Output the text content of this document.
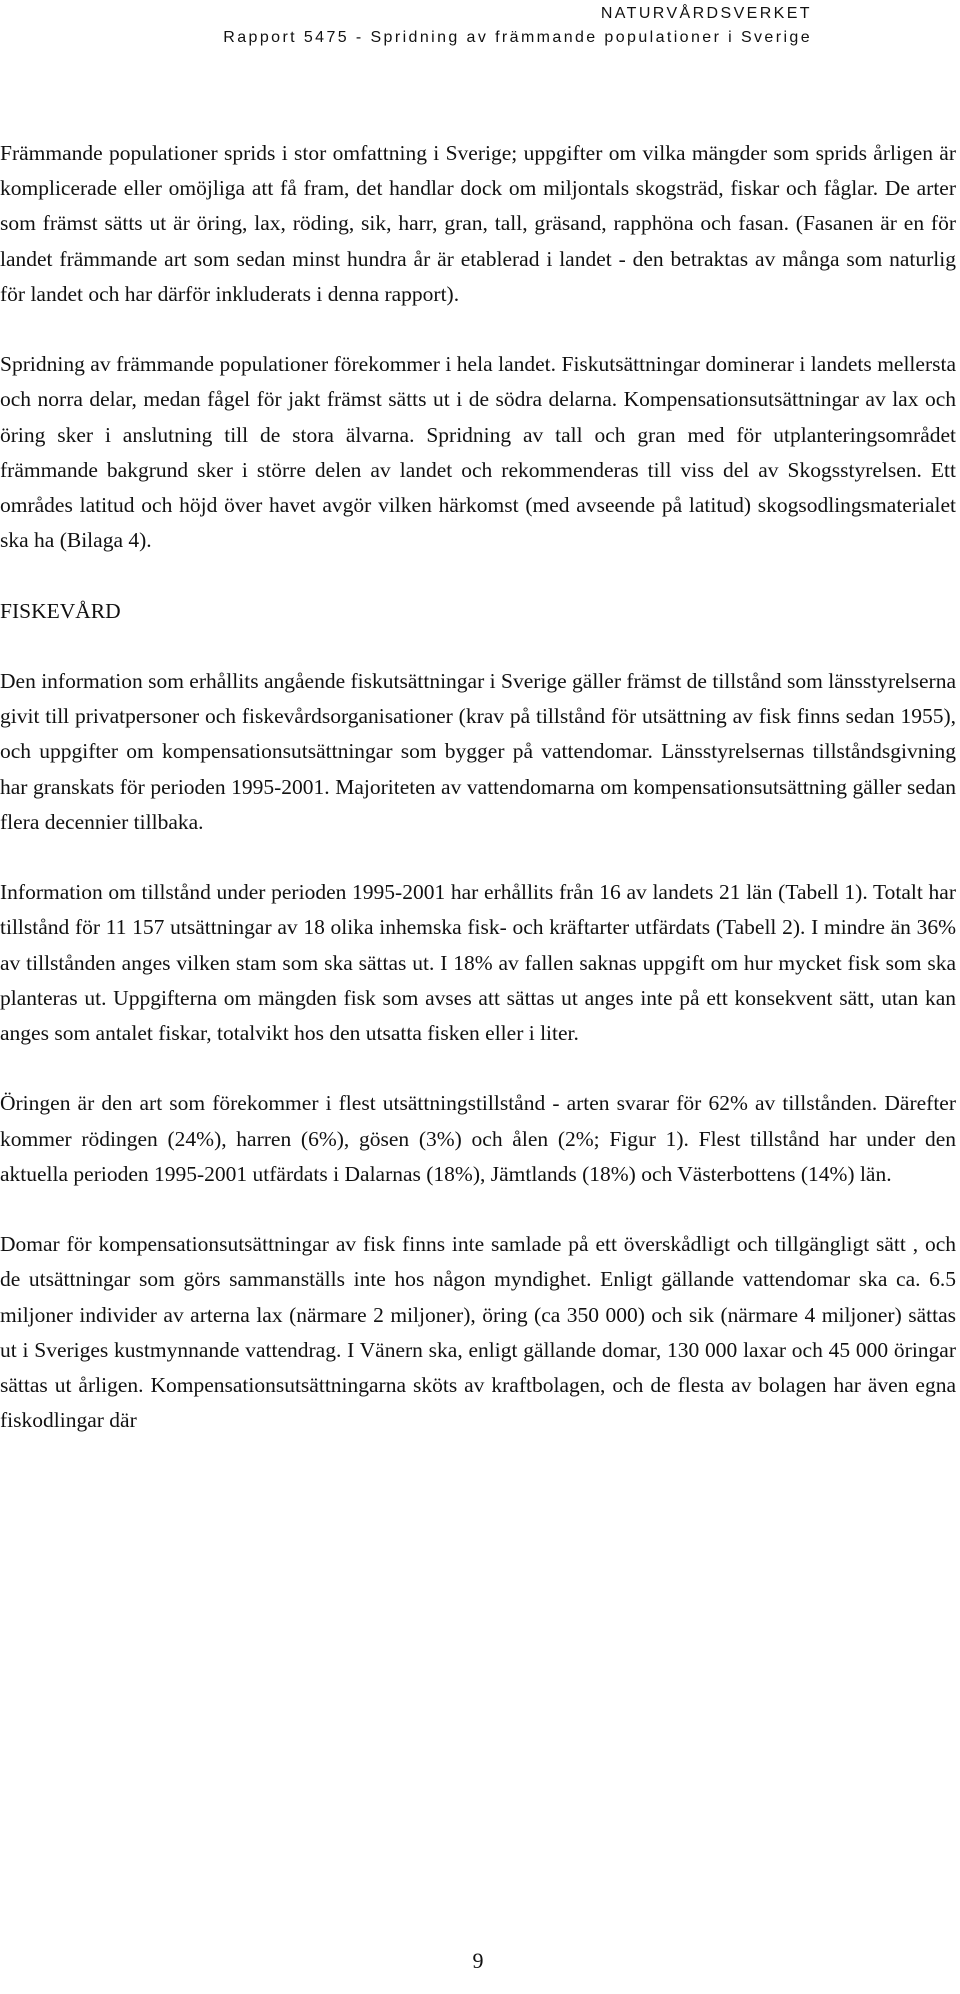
NATURVÅRDSVERKET
Rapport 5475 - Spridning av främmande populationer i Sverige

Främmande populationer sprids i stor omfattning i Sverige; uppgifter om vilka mängder som sprids årligen är komplicerade eller omöjliga att få fram, det handlar dock om miljontals skogsträd, fiskar och fåglar. De arter som främst sätts ut är öring, lax, röding, sik, harr, gran, tall, gräsand, rapphöna och fasan. (Fasanen är en för landet främmande art som sedan minst hundra år är etablerad i landet - den betraktas av många som naturlig för landet och har därför inkluderats i denna rapport).

Spridning av främmande populationer förekommer i hela landet. Fiskutsättningar dominerar i landets mellersta och norra delar, medan fågel för jakt främst sätts ut i de södra delarna. Kompensationsutsättningar av lax och öring sker i anslutning till de stora älvarna. Spridning av tall och gran med för utplanteringsområdet främmande bakgrund sker i större delen av landet och rekommenderas till viss del av Skogsstyrelsen. Ett områdes latitud och höjd över havet avgör vilken härkomst (med avseende på latitud) skogsodlingsmaterialet ska ha (Bilaga 4).

FISKEVÅRD

Den information som erhållits angående fiskutsättningar i Sverige gäller främst de tillstånd som länsstyrelserna givit till privatpersoner och fiskevårdsorganisationer (krav på tillstånd för utsättning av fisk finns sedan 1955), och uppgifter om kompensationsutsättningar som bygger på vattendomar. Länsstyrelsernas tillståndsgivning har granskats för perioden 1995-2001. Majoriteten av vattendomarna om kompensationsutsättning gäller sedan flera decennier tillbaka.

Information om tillstånd under perioden 1995-2001 har erhållits från 16 av landets 21 län (Tabell 1). Totalt har tillstånd för 11 157 utsättningar av 18 olika inhemska fisk- och kräftarter utfärdats (Tabell 2). I mindre än 36% av tillstånden anges vilken stam som ska sättas ut. I 18% av fallen saknas uppgift om hur mycket fisk som ska planteras ut. Uppgifterna om mängden fisk som avses att sättas ut anges inte på ett konsekvent sätt, utan kan anges som antalet fiskar, totalvikt hos den utsatta fisken eller i liter.

Öringen är den art som förekommer i flest utsättningstillstånd - arten svarar för 62% av tillstånden. Därefter kommer rödingen (24%), harren (6%), gösen (3%) och ålen (2%; Figur 1). Flest tillstånd har under den aktuella perioden 1995-2001 utfärdats i Dalarnas (18%), Jämtlands (18%) och Västerbottens (14%) län.

Domar för kompensationsutsättningar av fisk finns inte samlade på ett överskådligt och tillgängligt sätt , och de utsättningar som görs sammanställs inte hos någon myndighet. Enligt gällande vattendomar ska ca. 6.5 miljoner individer av arterna lax (närmare 2 miljoner), öring (ca 350 000) och sik (närmare 4 miljoner) sättas ut i Sveriges kustmynnande vattendrag. I Vänern ska, enligt gällande domar, 130 000 laxar och 45 000 öringar sättas ut årligen. Kompensationsutsättningarna sköts av kraftbolagen, och de flesta av bolagen har även egna fiskodlingar där

9
